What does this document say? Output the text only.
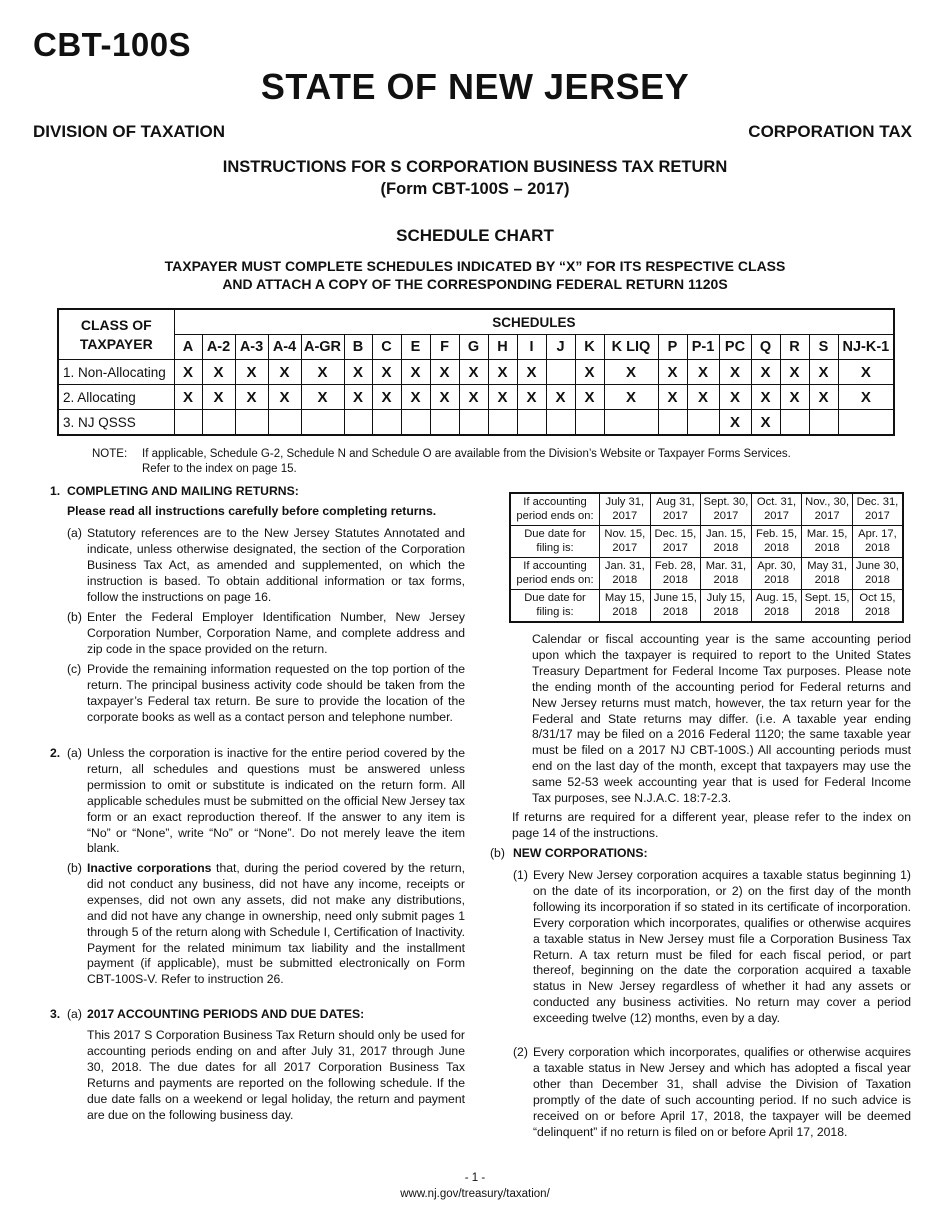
CBT-100S
STATE OF NEW JERSEY
DIVISION OF TAXATION	CORPORATION TAX
INSTRUCTIONS FOR S CORPORATION BUSINESS TAX RETURN
(Form CBT-100S – 2017)
SCHEDULE CHART
TAXPAYER MUST COMPLETE SCHEDULES INDICATED BY “X” FOR ITS RESPECTIVE CLASS
AND ATTACH A COPY OF THE CORRESPONDING FEDERAL RETURN 1120S
CLASS OF
TAXPAYER	SCHEDULES																					
	A	A-2	A-3	A-4	A-GR	B	C	E	F	G	H	I	J	K	K LIQ	P	P-1	PC	Q	R	S	NJ-K-1
1. Non-Allocating	X	X	X	X	X	X	X	X	X	X	X	X		X	X	X	X	X	X	X	X	X
2. Allocating	X	X	X	X	X	X	X	X	X	X	X	X	X	X	X	X	X	X	X	X	X	X
3. NJ QSSS																		X	X			
NOTE: If applicable, Schedule G-2, Schedule N and Schedule O are available from the Division’s Website or Taxpayer Forms Services.
Refer to the index on page 15.
1. COMPLETING AND MAILING RETURNS:
Please read all instructions carefully before completing returns.
(a) Statutory references are to the New Jersey Statutes Annotated and indicate, unless otherwise designated, the section of the Corporation Business Tax Act, as amended and supplemented, on which the instruction is based. To obtain additional information or tax forms, follow the instructions on page 16.
(b) Enter the Federal Employer Identification Number, New Jersey Corporation Number, Corporation Name, and complete address and zip code in the space provided on the return.
(c) Provide the remaining information requested on the top portion of the return. The principal business activity code should be taken from the taxpayer’s Federal tax return. Be sure to provide the location of the corporate books as well as a contact person and telephone number.
2. (a) Unless the corporation is inactive for the entire period covered by the return, all schedules and questions must be answered unless permission to omit or substitute is indicated on the return form. All applicable schedules must be submitted on the official New Jersey tax form or an exact reproduction thereof. If the answer to any item is “No” or “None”, write “No” or “None”. Do not merely leave the item blank.
(b) Inactive corporations that, during the period covered by the return, did not conduct any business, did not have any income, receipts or expenses, did not own any assets, did not make any distributions, and did not have any change in ownership, need only submit pages 1 through 5 of the return along with Schedule I, Certification of Inactivity. Payment for the related minimum tax liability and the installment payment (if applicable), must be submitted electronically on Form CBT-100S-V. Refer to instruction 26.
3. (a) 2017 ACCOUNTING PERIODS AND DUE DATES:
This 2017 S Corporation Business Tax Return should only be used for accounting periods ending on and after July 31, 2017 through June 30, 2018. The due dates for all 2017 Corporation Business Tax Returns and payments are reported on the following schedule. If the due date falls on a weekend or legal holiday, the return and payment are due on the following business day.
If accounting period ends on:	July 31, 2017	Aug 31, 2017	Sept. 30, 2017	Oct. 31, 2017	Nov., 30, 2017	Dec. 31, 2017
Due date for filing is:	Nov. 15, 2017	Dec. 15, 2017	Jan. 15, 2018	Feb. 15, 2018	Mar. 15, 2018	Apr. 17, 2018
If accounting period ends on:	Jan. 31, 2018	Feb. 28, 2018	Mar. 31, 2018	Apr. 30, 2018	May 31, 2018	June 30, 2018
Due date for filing is:	May 15, 2018	June 15, 2018	July 15, 2018	Aug. 15, 2018	Sept. 15, 2018	Oct 15, 2018
Calendar or fiscal accounting year is the same accounting period upon which the taxpayer is required to report to the United States Treasury Department for Federal Income Tax purposes. Please note the ending month of the accounting period for Federal returns and New Jersey returns must match, however, the tax return year for the Federal and State returns may differ. (i.e. A taxable year ending 8/31/17 may be filed on a 2016 Federal 1120; the same taxable year must be filed on a 2017 NJ CBT-100S.) All accounting periods must end on the last day of the month, except that taxpayers may use the same 52-53 week accounting year that is used for Federal Income Tax purposes, see N.J.A.C. 18:7-2.3.
If returns are required for a different year, please refer to the index on page 14 of the instructions.
(b) NEW CORPORATIONS:
(1) Every New Jersey corporation acquires a taxable status beginning 1) on the date of its incorporation, or 2) on the first day of the month following its incorporation if so stated in its certificate of incorporation. Every corporation which incorporates, qualifies or otherwise acquires a taxable status in New Jersey must file a Corporation Business Tax Return. A tax return must be filed for each fiscal period, or part thereof, beginning on the date the corporation acquired a taxable status in New Jersey regardless of whether it had any assets or conducted any business activities. No return may cover a period exceeding twelve (12) months, even by a day.
(2) Every corporation which incorporates, qualifies or otherwise acquires a taxable status in New Jersey and which has adopted a fiscal year other than December 31, shall advise the Division of Taxation promptly of the date of such accounting period. If no such advice is received on or before April 17, 2018, the taxpayer will be deemed “delinquent” if no return is filed on or before April 17, 2018.
- 1 -
www.nj.gov/treasury/taxation/
